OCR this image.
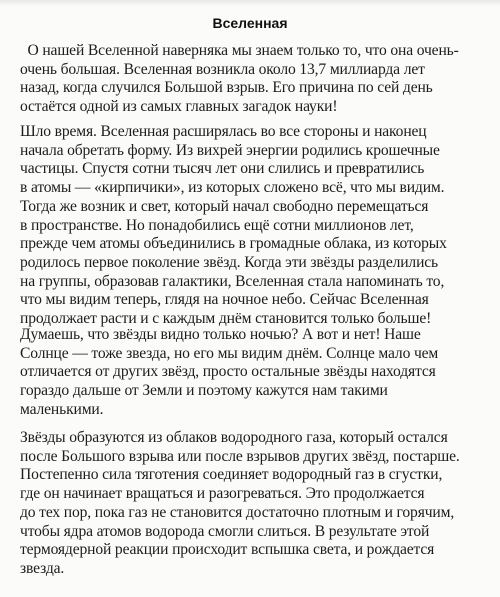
Вселенная
О нашей Вселенной наверняка мы знаем только то, что она очень-
очень большая. Вселенная возникла около 13,7 миллиарда лет
назад, когда случился Большой взрыв. Его причина по сей день
остаётся одной из самых главных загадок науки!
Шло время. Вселенная расширялась во все стороны и наконец
начала обретать форму. Из вихрей энергии родились крошечные
частицы. Спустя сотни тысяч лет они слились и превратились
в атомы — «кирпичики», из которых сложено всё, что мы видим.
Тогда же возник и свет, который начал свободно перемещаться
в пространстве. Но понадобились ещё сотни миллионов лет,
прежде чем атомы объединились в громадные облака, из которых
родилось первое поколение звёзд. Когда эти звёзды разделились
на группы, образовав галактики, Вселенная стала напоминать то,
что мы видим теперь, глядя на ночное небо. Сейчас Вселенная
продолжает расти и с каждым днём становится только больше!
Думаешь, что звёзды видно только ночью? А вот и нет! Наше
Солнце — тоже звезда, но его мы видим днём. Солнце мало чем
отличается от других звёзд, просто остальные звёзды находятся
гораздо дальше от Земли и поэтому кажутся нам такими
маленькими.
Звёзды образуются из облаков водородного газа, который остался
после Большого взрыва или после взрывов других звёзд, постарше.
Постепенно сила тяготения соединяет водородный газ в сгустки,
где он начинает вращаться и разогреваться. Это продолжается
до тех пор, пока газ не становится достаточно плотным и горячим,
чтобы ядра атомов водорода смогли слиться. В результате этой
термоядерной реакции происходит вспышка света, и рождается
звезда.
